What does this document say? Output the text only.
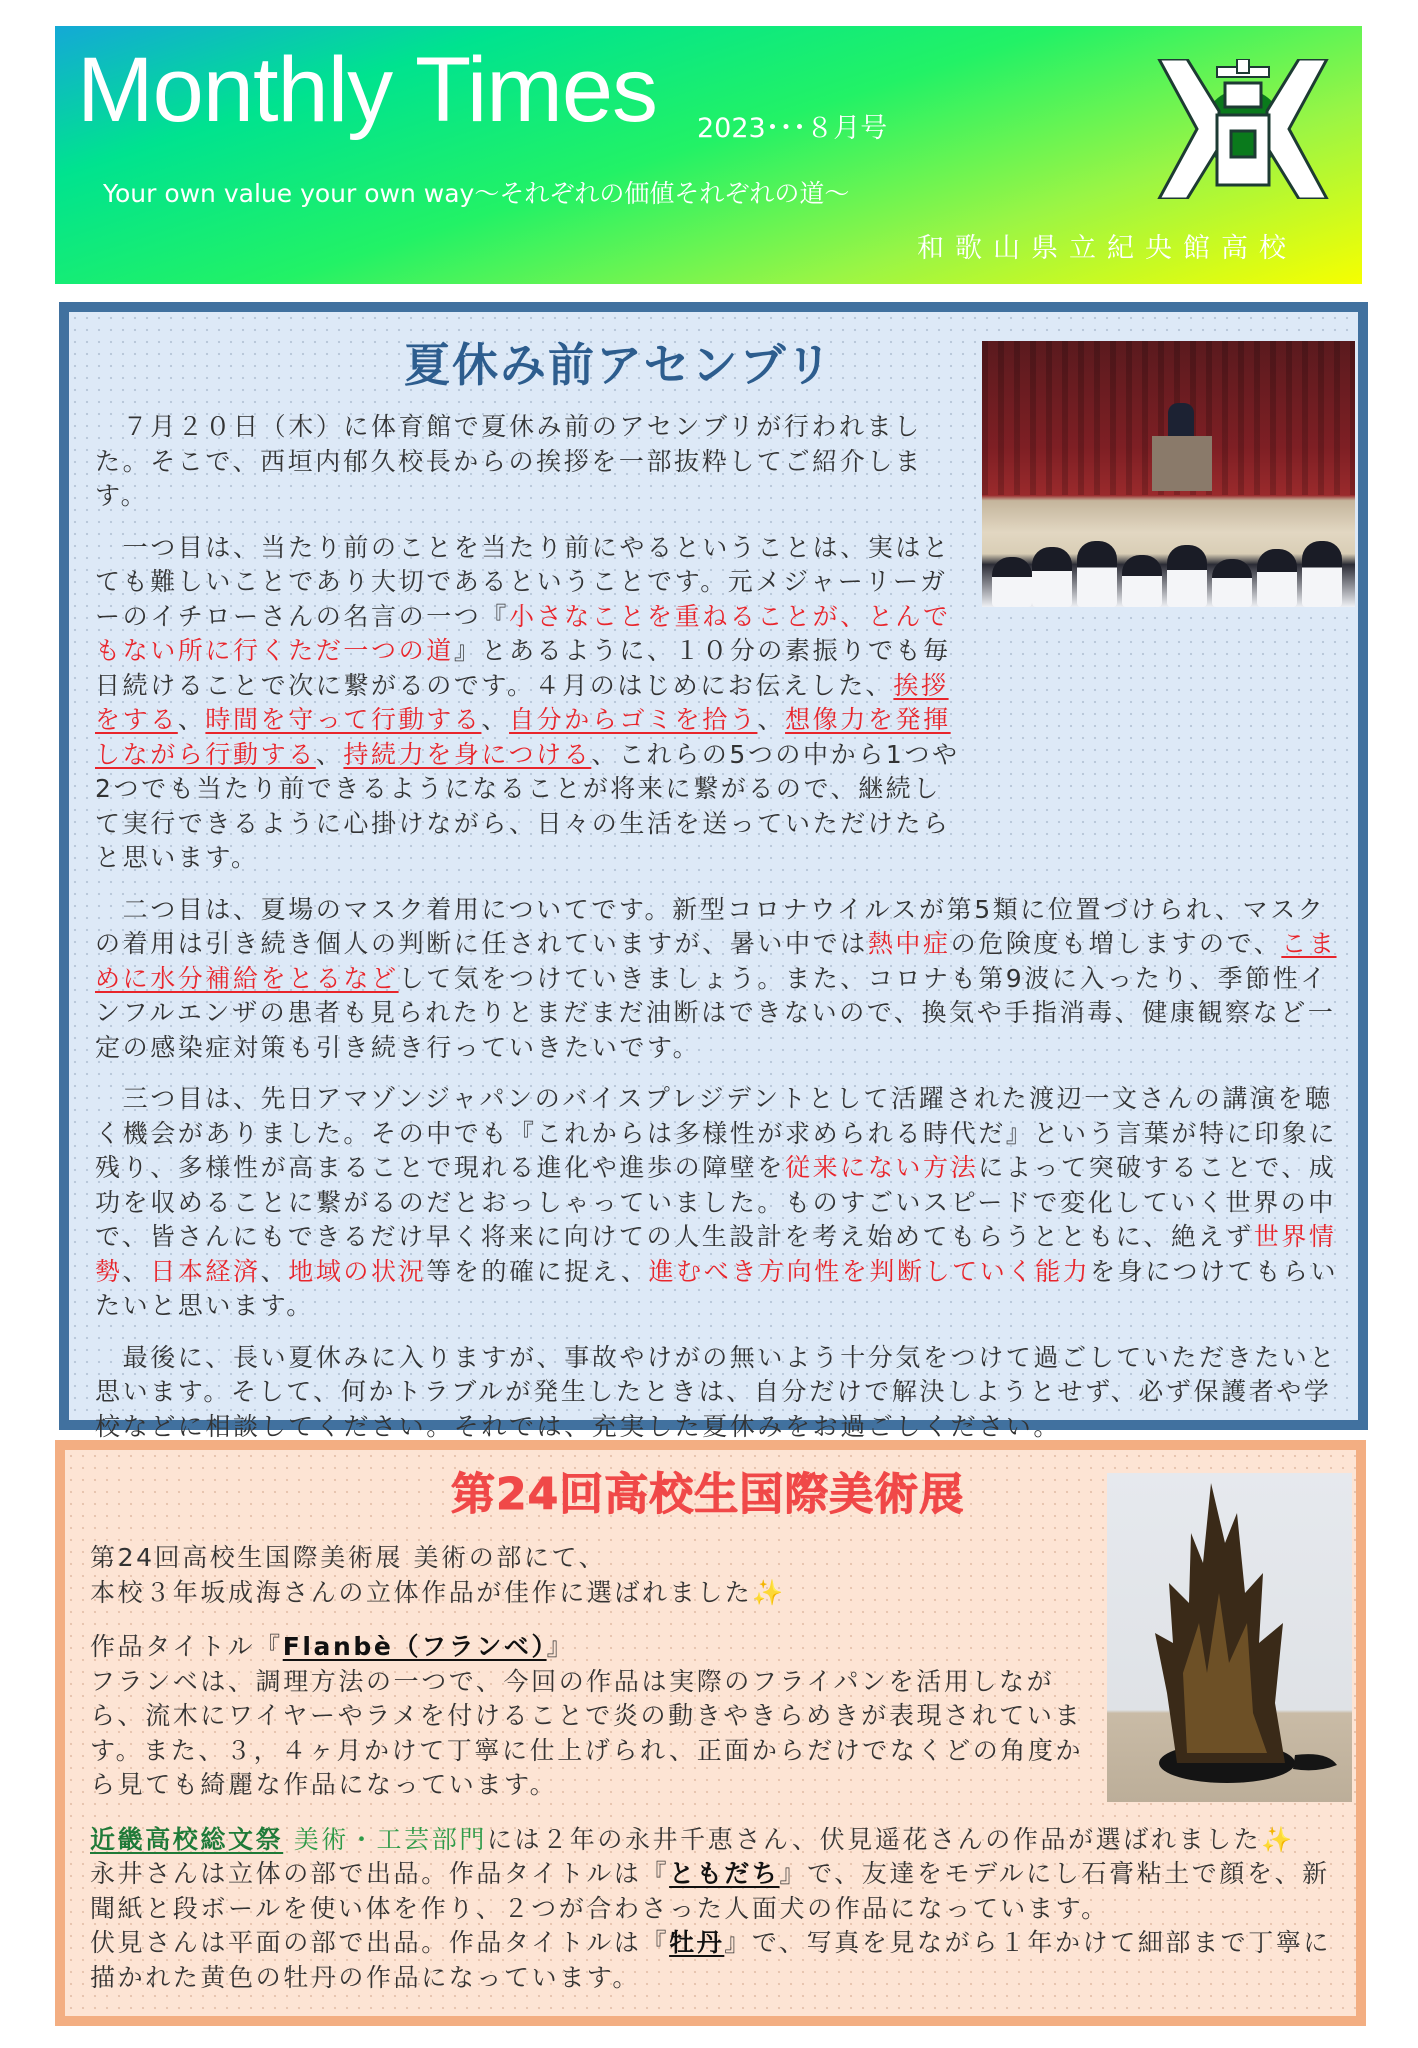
Monthly Times 2023･･･８月号
Your own value your own way～それぞれの価値それぞれの道～
和歌山県立紀央館高校
夏休み前アセンブリ

　７月２０日（木）に体育館で夏休み前のアセンブリが行われました。そこで、西垣内郁久校長からの挨拶を一部抜粋してご紹介します。

　一つ目は、当たり前のことを当たり前にやるということは、実はとても難しいことであり大切であるということです。元メジャーリーガーのイチローさんの名言の一つ『小さなことを重ねることが、とんでもない所に行くただ一つの道』とあるように、１０分の素振りでも毎日続けることで次に繋がるのです。４月のはじめにお伝えした、挨拶をする、時間を守って行動する、自分からゴミを拾う、想像力を発揮しながら行動する、持続力を身につける、これらの5つの中から1つや2つでも当たり前できるようになることが将来に繋がるので、継続して実行できるように心掛けながら、日々の生活を送っていただけたらと思います。

　二つ目は、夏場のマスク着用についてです。新型コロナウイルスが第5類に位置づけられ、マスクの着用は引き続き個人の判断に任されていますが、暑い中では熱中症の危険度も増しますので、こまめに水分補給をとるなどして気をつけていきましょう。また、コロナも第9波に入ったり、季節性インフルエンザの患者も見られたりとまだまだ油断はできないので、換気や手指消毒、健康観察など一定の感染症対策も引き続き行っていきたいです。

　三つ目は、先日アマゾンジャパンのバイスプレジデントとして活躍された渡辺一文さんの講演を聴く機会がありました。その中でも『これからは多様性が求められる時代だ』という言葉が特に印象に残り、多様性が高まることで現れる進化や進歩の障壁を従来にない方法によって突破することで、成功を収めることに繋がるのだとおっしゃっていました。ものすごいスピードで変化していく世界の中で、皆さんにもできるだけ早く将来に向けての人生設計を考え始めてもらうとともに、絶えず世界情勢、日本経済、地域の状況等を的確に捉え、進むべき方向性を判断していく能力を身につけてもらいたいと思います。

　最後に、長い夏休みに入りますが、事故やけがの無いよう十分気をつけて過ごしていただきたいと思います。そして、何かトラブルが発生したときは、自分だけで解決しようとせず、必ず保護者や学校などに相談してください。それでは、充実した夏休みをお過ごしください。

第24回高校生国際美術展

第24回高校生国際美術展 美術の部にて、
本校３年坂成海さんの立体作品が佳作に選ばれました✨

作品タイトル『Flanbè（フランベ）』
フランベは、調理方法の一つで、今回の作品は実際のフライパンを活用しながら、流木にワイヤーやラメを付けることで炎の動きやきらめきが表現されています。また、３，４ヶ月かけて丁寧に仕上げられ、正面からだけでなくどの角度から見ても綺麗な作品になっています。

近畿高校総文祭 美術・工芸部門には２年の永井千恵さん、伏見遥花さんの作品が選ばれました✨
永井さんは立体の部で出品。作品タイトルは『ともだち』で、友達をモデルにし石膏粘土で顔を、新聞紙と段ボールを使い体を作り、２つが合わさった人面犬の作品になっています。
伏見さんは平面の部で出品。作品タイトルは『牡丹』で、写真を見ながら１年かけて細部まで丁寧に描かれた黄色の牡丹の作品になっています。
